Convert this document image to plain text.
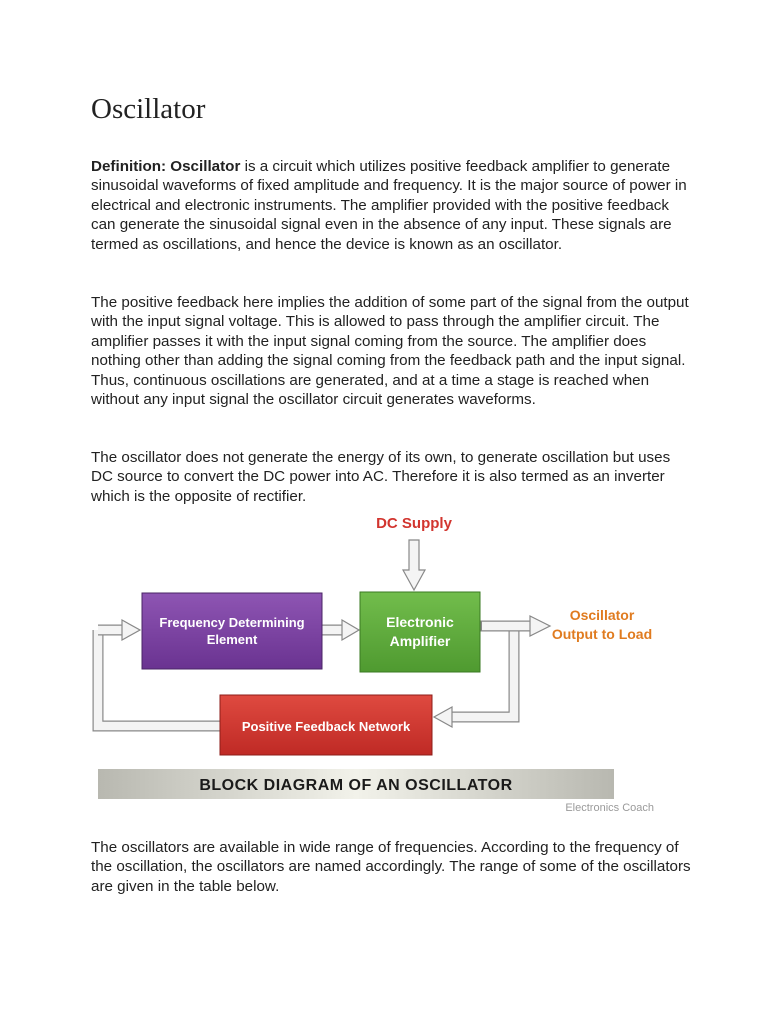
Oscillator

Definition: Oscillator is a circuit which utilizes positive feedback amplifier to generate sinusoidal waveforms of fixed amplitude and frequency. It is the major source of power in electrical and electronic instruments. The amplifier provided with the positive feedback can generate the sinusoidal signal even in the absence of any input. These signals are termed as oscillations, and hence the device is known as an oscillator.

The positive feedback here implies the addition of some part of the signal from the output with the input signal voltage. This is allowed to pass through the amplifier circuit. The amplifier passes it with the input signal coming from the source. The amplifier does nothing other than adding the signal coming from the feedback path and the input signal. Thus, continuous oscillations are generated, and at a time a stage is reached when without any input signal the oscillator circuit generates waveforms.

The oscillator does not generate the energy of its own, to generate oscillation but uses DC source to convert the DC power into AC. Therefore it is also termed as an inverter which is the opposite of rectifier.

DC Supply
Frequency Determining
Element
Electronic
Amplifier
Positive Feedback Network
Oscillator
Output to Load
BLOCK DIAGRAM OF AN OSCILLATOR
Electronics Coach

The oscillators are available in wide range of frequencies. According to the frequency of the oscillation, the oscillators are named accordingly. The range of some of the oscillators are given in the table below.
